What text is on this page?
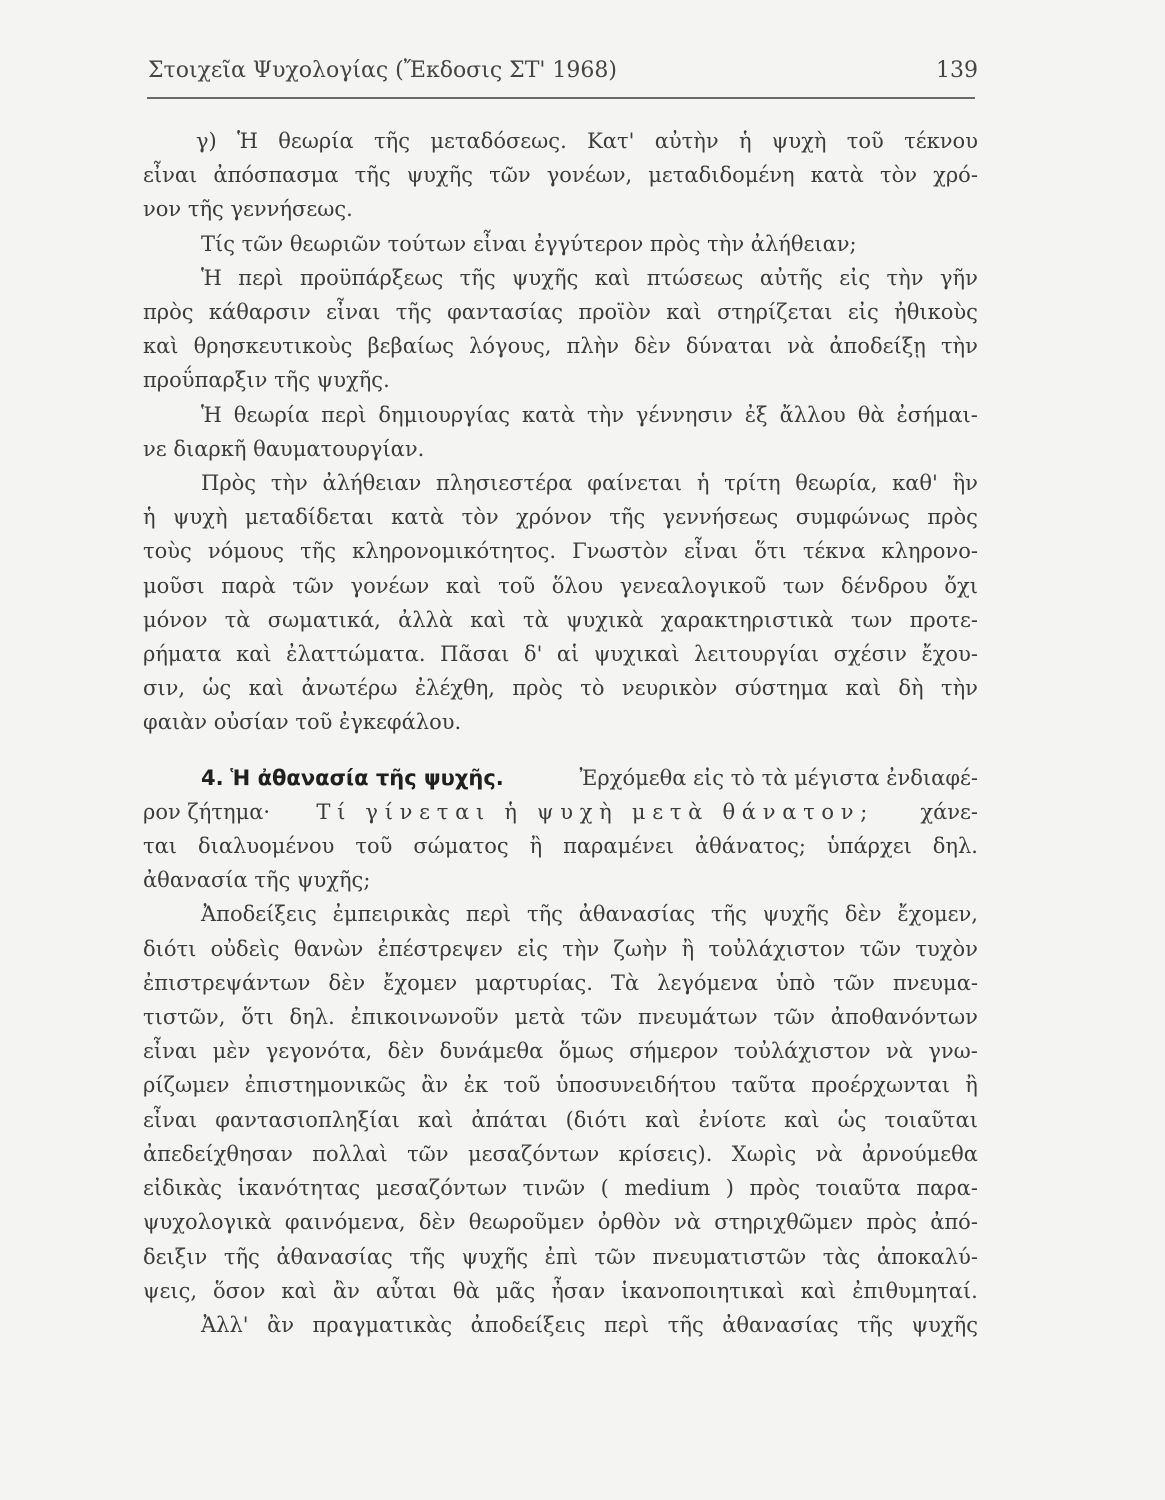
Στοιχεῖα Ψυχολογίας (Ἔκδοσις ΣΤ' 1968)	139
γ) Ἡ θεωρία τῆς μεταδόσεως. Κατ' αὐτὴν ἡ ψυχὴ τοῦ τέκνου
εἶναι ἀπόσπασμα τῆς ψυχῆς τῶν γονέων, μεταδιδομένη κατὰ τὸν χρό-
νον τῆς γεννήσεως.
Τίς τῶν θεωριῶν τούτων εἶναι ἐγγύτερον πρὸς τὴν ἀλήθειαν;
Ἡ περὶ προϋπάρξεως τῆς ψυχῆς καὶ πτώσεως αὐτῆς εἰς τὴν γῆν
πρὸς κάθαρσιν εἶναι τῆς φαντασίας προϊὸν καὶ στηρίζεται εἰς ἠθικοὺς
καὶ θρησκευτικοὺς βεβαίως λόγους, πλὴν δὲν δύναται νὰ ἀποδείξῃ τὴν
προΰπαρξιν τῆς ψυχῆς.
Ἡ θεωρία περὶ δημιουργίας κατὰ τὴν γέννησιν ἐξ ἄλλου θὰ ἐσήμαι-
νε διαρκῆ θαυματουργίαν.
Πρὸς τὴν ἀλήθειαν πλησιεστέρα φαίνεται ἡ τρίτη θεωρία, καθ' ἣν
ἡ ψυχὴ μεταδίδεται κατὰ τὸν χρόνον τῆς γεννήσεως συμφώνως πρὸς
τοὺς νόμους τῆς κληρονομικότητος. Γνωστὸν εἶναι ὅτι τέκνα κληρονο-
μοῦσι παρὰ τῶν γονέων καὶ τοῦ ὅλου γενεαλογικοῦ των δένδρου ὄχι
μόνον τὰ σωματικά, ἀλλὰ καὶ τὰ ψυχικὰ χαρακτηριστικὰ των προτε-
ρήματα καὶ ἐλαττώματα. Πᾶσαι δ' αἱ ψυχικαὶ λειτουργίαι σχέσιν ἔχου-
σιν, ὡς καὶ ἀνωτέρω ἐλέχθη, πρὸς τὸ νευρικὸν σύστημα καὶ δὴ τὴν
φαιὰν οὐσίαν τοῦ ἐγκεφάλου.
4. Ἡ ἀθανασία τῆς ψυχῆς.	Ἐρχόμεθα εἰς τὸ τὰ μέγιστα ἐνδιαφέ-
ρον ζήτημα· Τί γίνεται ἡ ψυχὴ μετὰ θάνατον; χάνε-
ται διαλυομένου τοῦ σώματος ἢ παραμένει ἀθάνατος; ὑπάρχει δηλ.
ἀθανασία τῆς ψυχῆς;
Ἀποδείξεις ἐμπειρικὰς περὶ τῆς ἀθανασίας τῆς ψυχῆς δὲν ἔχομεν,
διότι οὐδεὶς θανὼν ἐπέστρεψεν εἰς τὴν ζωὴν ἢ τοὐλάχιστον τῶν τυχὸν
ἐπιστρεψάντων δὲν ἔχομεν μαρτυρίας. Τὰ λεγόμενα ὑπὸ τῶν πνευμα-
τιστῶν, ὅτι δηλ. ἐπικοινωνοῦν μετὰ τῶν πνευμάτων τῶν ἀποθανόντων
εἶναι μὲν γεγονότα, δὲν δυνάμεθα ὅμως σήμερον τοὐλάχιστον νὰ γνω-
ρίζωμεν ἐπιστημονικῶς ἂν ἐκ τοῦ ὑποσυνειδήτου ταῦτα προέρχωνται ἢ
εἶναι φαντασιοπληξίαι καὶ ἀπάται (διότι καὶ ἐνίοτε καὶ ὡς τοιαῦται
ἀπεδείχθησαν πολλαὶ τῶν μεσαζόντων κρίσεις). Χωρὶς νὰ ἀρνούμεθα
εἰδικὰς ἱκανότητας μεσαζόντων τινῶν ( medium ) πρὸς τοιαῦτα παρα-
ψυχολογικὰ φαινόμενα, δὲν θεωροῦμεν ὀρθὸν νὰ στηριχθῶμεν πρὸς ἀπό-
δειξιν τῆς ἀθανασίας τῆς ψυχῆς ἐπὶ τῶν πνευματιστῶν τὰς ἀποκαλύ-
ψεις, ὅσον καὶ ἂν αὗται θὰ μᾶς ἦσαν ἱκανοποιητικαὶ καὶ ἐπιθυμηταί.
Ἀλλ' ἂν πραγματικὰς ἀποδείξεις περὶ τῆς ἀθανασίας τῆς ψυχῆς
